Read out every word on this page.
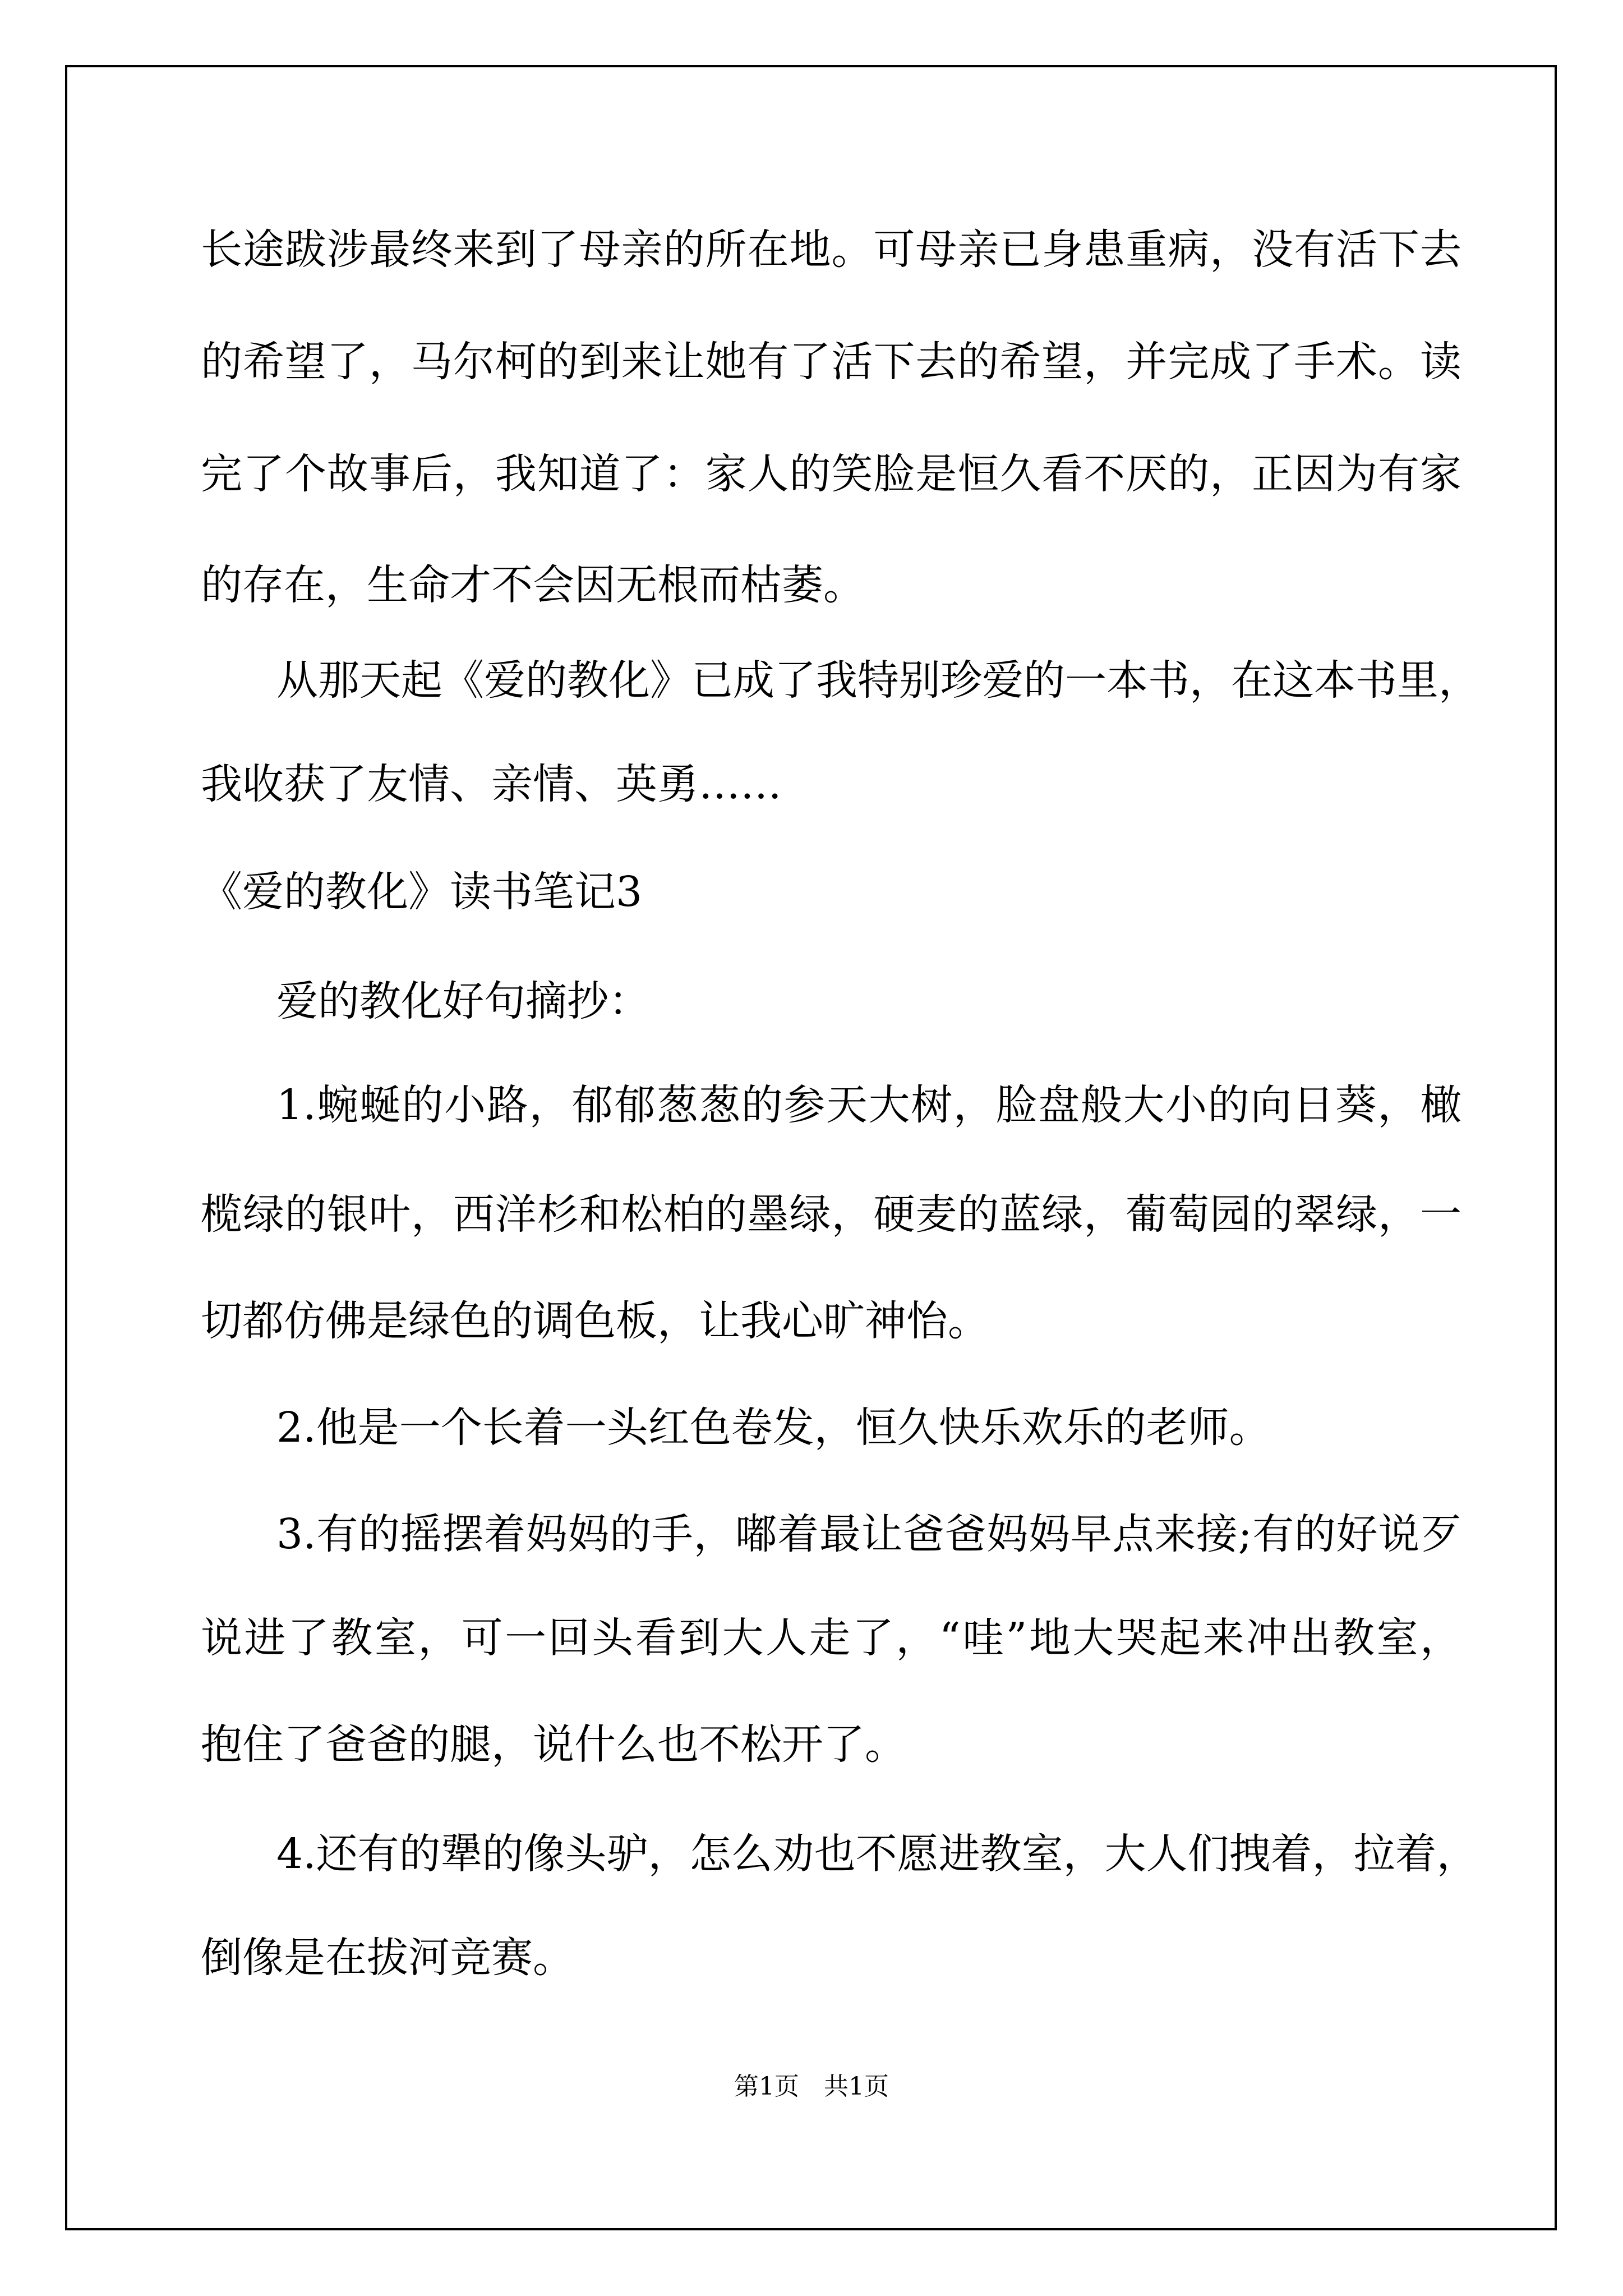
长途跋涉最终来到了母亲的所在地。可母亲已身患重病，没有活下去
的希望了，马尔柯的到来让她有了活下去的希望，并完成了手术。读
完了个故事后，我知道了：家人的笑脸是恒久看不厌的，正因为有家
的存在，生命才不会因无根而枯萎。
从那天起《爱的教化》已成了我特别珍爱的一本书，在这本书里，
我收获了友情、亲情、英勇……
《爱的教化》读书笔记3
爱的教化好句摘抄：
1.蜿蜒的小路，郁郁葱葱的参天大树，脸盘般大小的向日葵，橄
榄绿的银叶，西洋杉和松柏的墨绿，硬麦的蓝绿，葡萄园的翠绿，一
切都仿佛是绿色的调色板，让我心旷神怡。
2.他是一个长着一头红色卷发，恒久快乐欢乐的老师。
3.有的摇摆着妈妈的手，嘟着最让爸爸妈妈早点来接;有的好说歹
说进了教室，可一回头看到大人走了，“哇”地大哭起来冲出教室，
抱住了爸爸的腿，说什么也不松开了。
4.还有的犟的像头驴，怎么劝也不愿进教室，大人们拽着，拉着，
倒像是在拔河竞赛。
第1页　共1页
